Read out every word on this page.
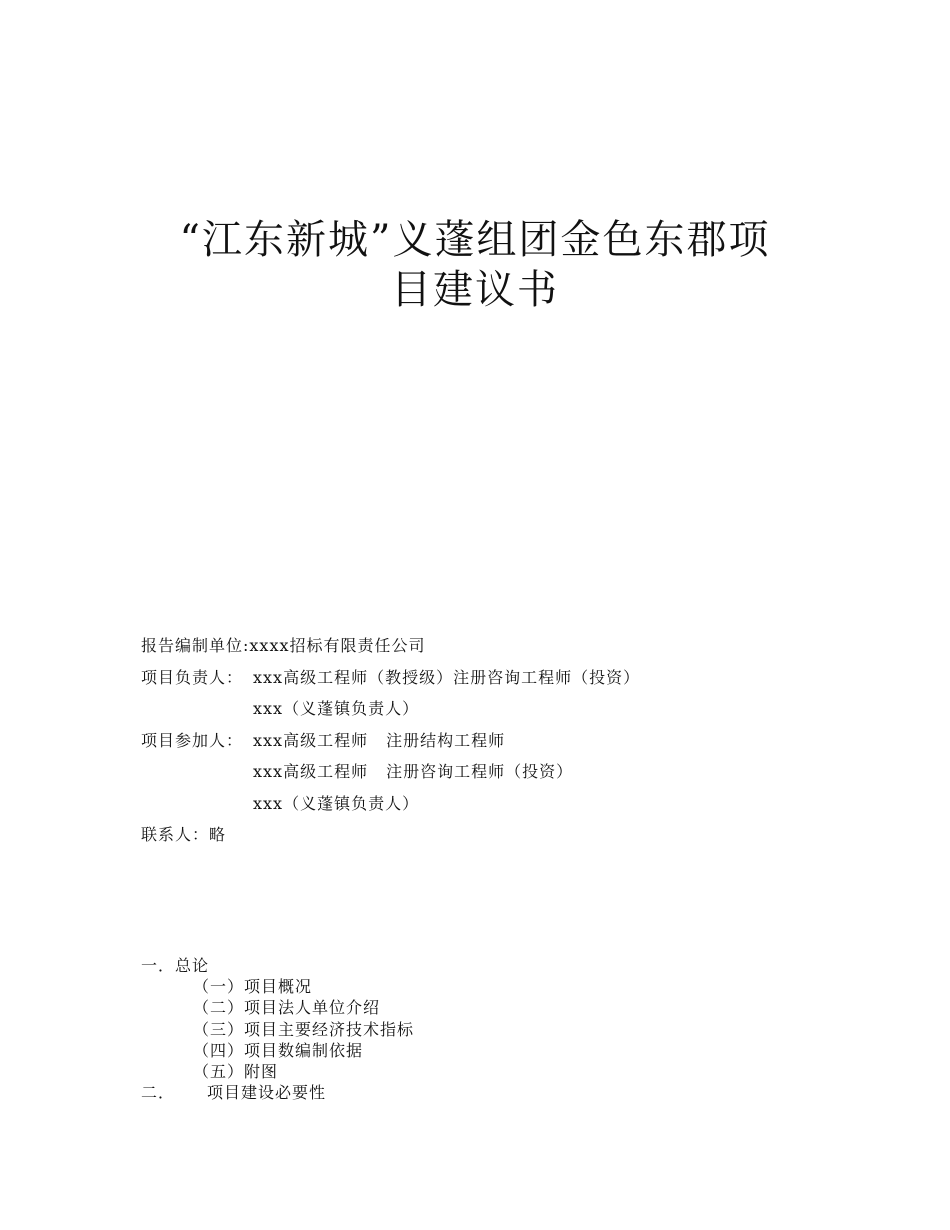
“江东新城”义蓬组团金色东郡项
目建议书
报告编制单位:xxxx招标有限责任公司
项目负责人： xxx高级工程师（教授级）注册咨询工程师（投资）
xxx（义蓬镇负责人）
项目参加人： xxx高级工程师 注册结构工程师
xxx高级工程师 注册咨询工程师（投资）
xxx（义蓬镇负责人）
联系人：略
一．总论
（一）项目概况
（二）项目法人单位介绍
（三）项目主要经济技术指标
（四）项目数编制依据
（五）附图
二． 项目建设必要性
